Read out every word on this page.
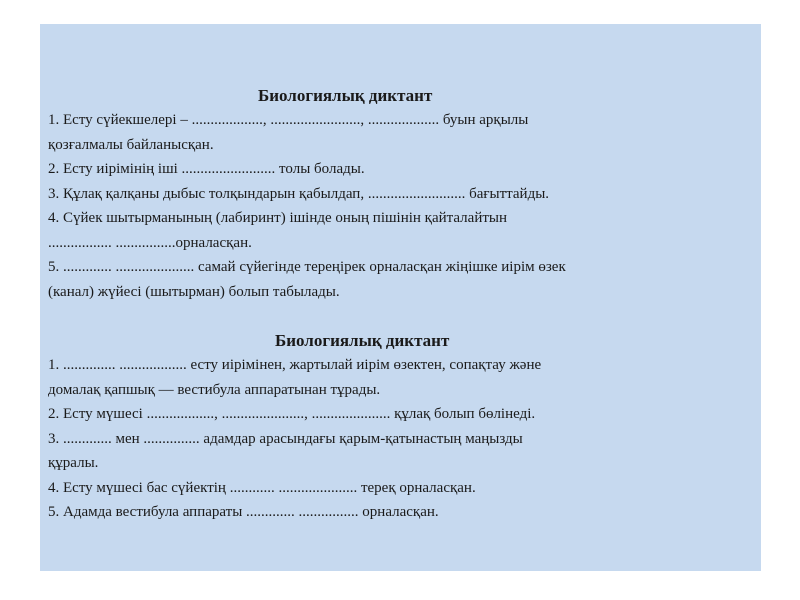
Биологиялық диктант
1. Есту сүйекшелері – ..................., ........................, ................... буын арқылы
қозғалмалы байланысқан.
2. Есту иірімінің іші ......................... толы болады.
3. Құлақ қалқаны дыбыс толқындарын қабылдап, .......................... бағыттайды.
4. Сүйек шытырманының (лабиринт) ішінде оның пішінін қайталайтын
................. ................орналасқан.
5. ............. ..................... самай сүйегінде тереңірек орналасқан жіңішке иірім өзек
(канал) жүйесі (шытырман) болып табылады.
Биологиялық диктант
1. .............. .................. есту иірімінен, жартылай иірім өзектен, сопақтау және
домалақ қапшық — вестибула аппаратынан тұрады.
2. Есту мүшесі .................., ......................, ..................... құлақ болып бөлінеді.
3. ............. мен ............... адамдар арасындағы қарым-қатынастың маңызды
құралы.
4. Есту мүшесі бас сүйектің ............ ..................... тереқ орналасқан.
5. Адамда вестибула аппараты ............. ................ орналасқан.
